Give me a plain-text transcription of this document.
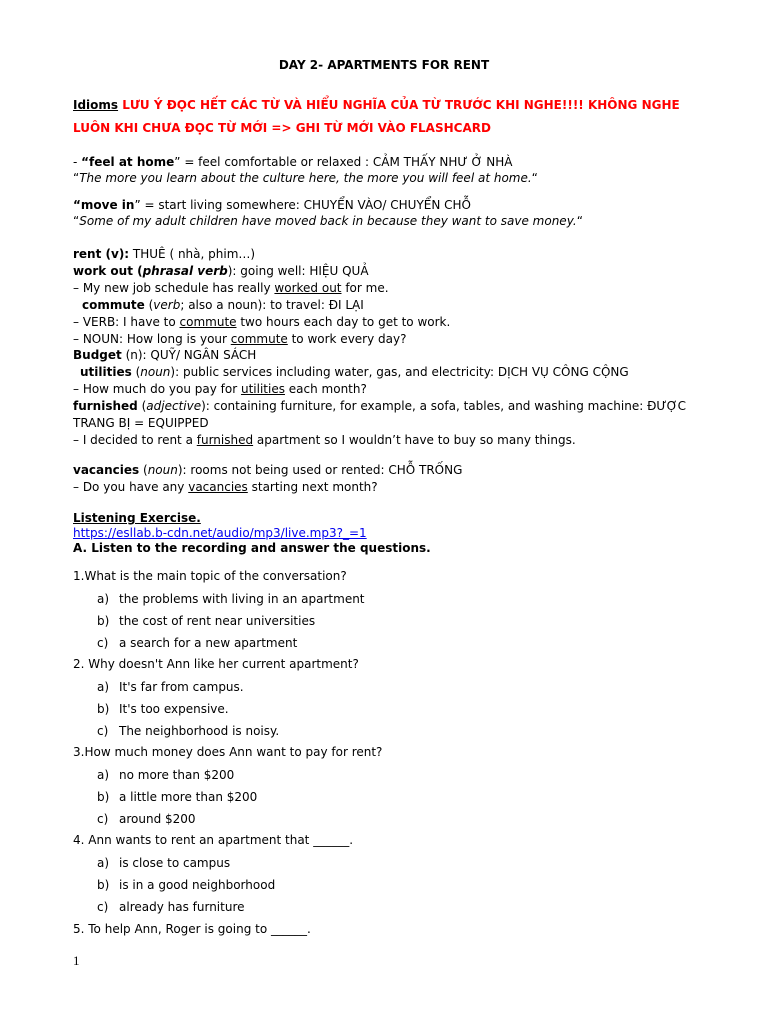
DAY 2- APARTMENTS FOR RENT
Idioms LƯU Ý ĐỌC HẾT CÁC TỪ VÀ HIỂU NGHĨA CỦA TỪ TRƯỚC KHI NGHE!!!! KHÔNG NGHE
LUÔN KHI CHƯA ĐỌC TỪ MỚI => GHI TỪ MỚI VÀO FLASHCARD
- “feel at home” = feel comfortable or relaxed : CẢM THẤY NHƯ Ở NHÀ
“The more you learn about the culture here, the more you will feel at home.“
“move in” = start living somewhere: CHUYỂN VÀO/ CHUYỂN CHỖ
“Some of my adult children have moved back in because they want to save money.“
rent (v): THUÊ ( nhà, phim…)
work out (phrasal verb): going well: HIỆU QUẢ
– My new job schedule has really worked out for me.
commute (verb; also a noun): to travel: ĐI LẠI
– VERB: I have to commute two hours each day to get to work.
– NOUN: How long is your commute to work every day?
Budget (n): QUỸ/ NGÂN SÁCH
utilities (noun): public services including water, gas, and electricity: DỊCH VỤ CÔNG CỘNG
– How much do you pay for utilities each month?
furnished (adjective): containing furniture, for example, a sofa, tables, and washing machine: ĐƯỢC
TRANG BỊ = EQUIPPED
– I decided to rent a furnished apartment so I wouldn’t have to buy so many things.
vacancies (noun): rooms not being used or rented: CHỖ TRỐNG
– Do you have any vacancies starting next month?
Listening Exercise.
https://esllab.b-cdn.net/audio/mp3/live.mp3?_=1
A. Listen to the recording and answer the questions.
1.What is the main topic of the conversation?
a) the problems with living in an apartment
b) the cost of rent near universities
c) a search for a new apartment
2. Why doesn't Ann like her current apartment?
a) It's far from campus.
b) It's too expensive.
c) The neighborhood is noisy.
3.How much money does Ann want to pay for rent?
a) no more than $200
b) a little more than $200
c) around $200
4. Ann wants to rent an apartment that ______.
a) is close to campus
b) is in a good neighborhood
c) already has furniture
5. To help Ann, Roger is going to ______.
1
